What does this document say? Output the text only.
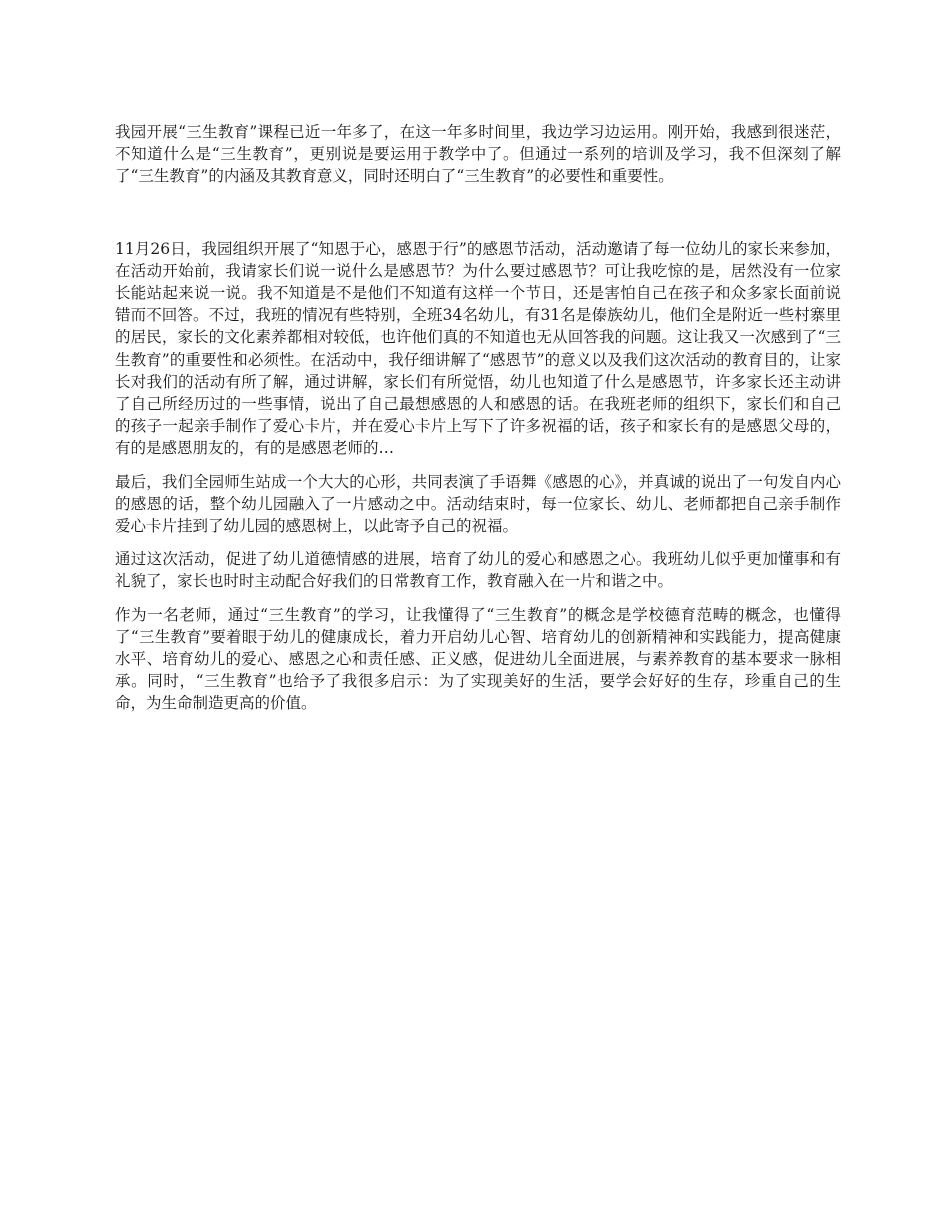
我园开展“三生教育”课程已近一年多了，在这一年多时间里，我边学习边运用。刚开始，我感到很迷茫，不知道什么是“三生教育”，更别说是要运用于教学中了。但通过一系列的培训及学习，我不但深刻了解了“三生教育”的内涵及其教育意义，同时还明白了“三生教育”的必要性和重要性。

11月26日，我园组织开展了“知恩于心，感恩于行”的感恩节活动，活动邀请了每一位幼儿的家长来参加，在活动开始前，我请家长们说一说什么是感恩节？为什么要过感恩节？可让我吃惊的是，居然没有一位家长能站起来说一说。我不知道是不是他们不知道有这样一个节日，还是害怕自己在孩子和众多家长面前说错而不回答。不过，我班的情况有些特别，全班34名幼儿，有31名是傣族幼儿，他们全是附近一些村寨里的居民，家长的文化素养都相对较低，也许他们真的不知道也无从回答我的问题。这让我又一次感到了“三生教育”的重要性和必须性。在活动中，我仔细讲解了“感恩节”的意义以及我们这次活动的教育目的，让家长对我们的活动有所了解，通过讲解，家长们有所觉悟，幼儿也知道了什么是感恩节，许多家长还主动讲了自己所经历过的一些事情，说出了自己最想感恩的人和感恩的话。在我班老师的组织下，家长们和自己的孩子一起亲手制作了爱心卡片，并在爱心卡片上写下了许多祝福的话，孩子和家长有的是感恩父母的，有的是感恩朋友的，有的是感恩老师的…

最后，我们全园师生站成一个大大的心形，共同表演了手语舞《感恩的心》，并真诚的说出了一句发自内心的感恩的话，整个幼儿园融入了一片感动之中。活动结束时，每一位家长、幼儿、老师都把自己亲手制作爱心卡片挂到了幼儿园的感恩树上，以此寄予自己的祝福。

通过这次活动，促进了幼儿道德情感的进展，培育了幼儿的爱心和感恩之心。我班幼儿似乎更加懂事和有礼貌了，家长也时时主动配合好我们的日常教育工作，教育融入在一片和谐之中。

作为一名老师，通过“三生教育”的学习，让我懂得了“三生教育”的概念是学校德育范畴的概念，也懂得了“三生教育”要着眼于幼儿的健康成长，着力开启幼儿心智、培育幼儿的创新精神和实践能力，提高健康水平、培育幼儿的爱心、感恩之心和责任感、正义感，促进幼儿全面进展，与素养教育的基本要求一脉相承。同时，“三生教育”也给予了我很多启示：为了实现美好的生活，要学会好好的生存，珍重自己的生命，为生命制造更高的价值。
